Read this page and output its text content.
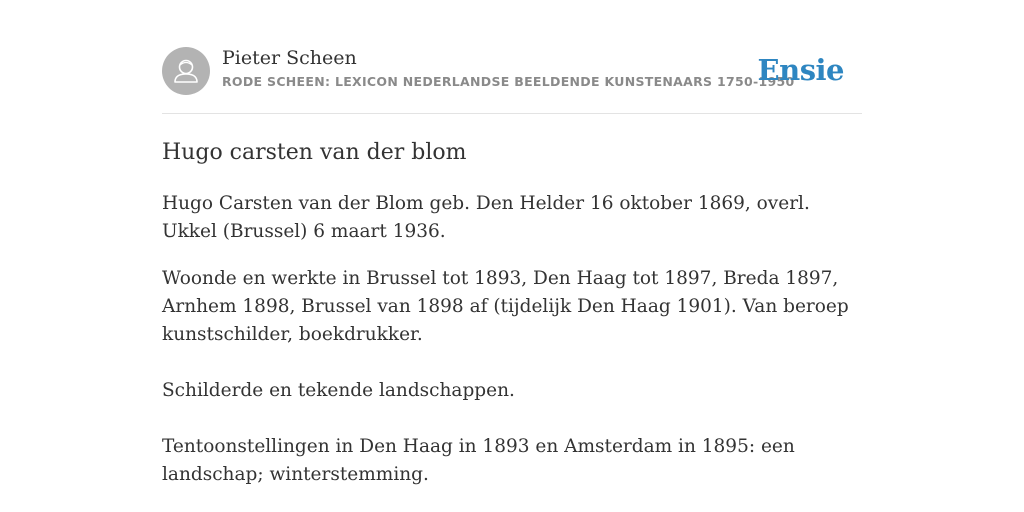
Pieter Scheen
RODE SCHEEN: LEXICON NEDERLANDSE BEELDENDE KUNSTENAARS 1750-1950
Ensie
Hugo carsten van der blom

Hugo Carsten van der Blom geb. Den Helder 16 oktober 1869, overl. Ukkel (Brussel) 6 maart 1936.

Woonde en werkte in Brussel tot 1893, Den Haag tot 1897, Breda 1897, Arnhem 1898, Brussel van 1898 af (tijdelijk Den Haag 1901). Van beroep kunstschilder, boekdrukker.

Schilderde en tekende landschappen.

Tentoonstellingen in Den Haag in 1893 en Amsterdam in 1895: een landschap; winterstemming.
